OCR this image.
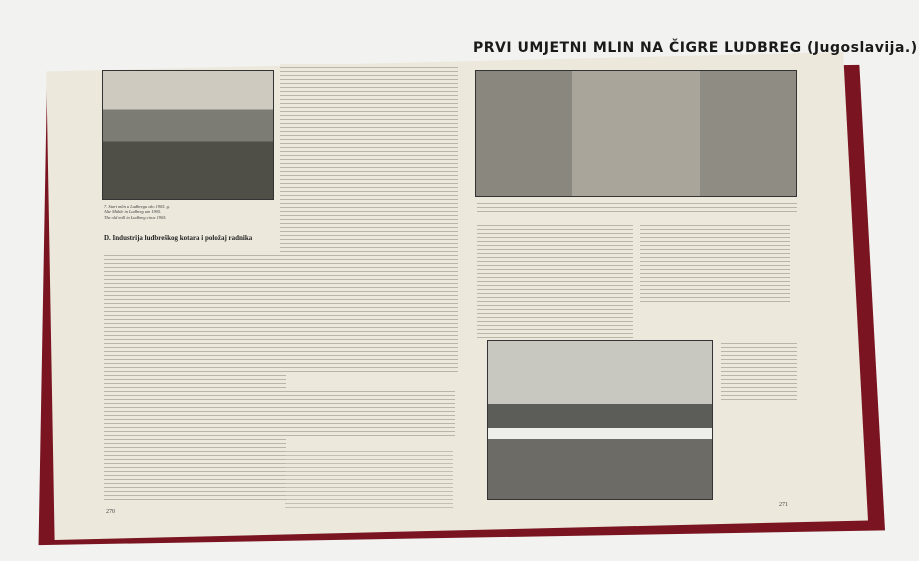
7. Stari mlin u Ludbregu oko 1905. g.
Alte Mühle in Ludbreg um 1905.
The old mill in Ludbreg circa 1905.
D. Industrija ludbreškog kotara i položaj radnika
270
PRVI UMJETNI MLIN NA ČIGRE LUDBREG (Jugoslavija.)
271
